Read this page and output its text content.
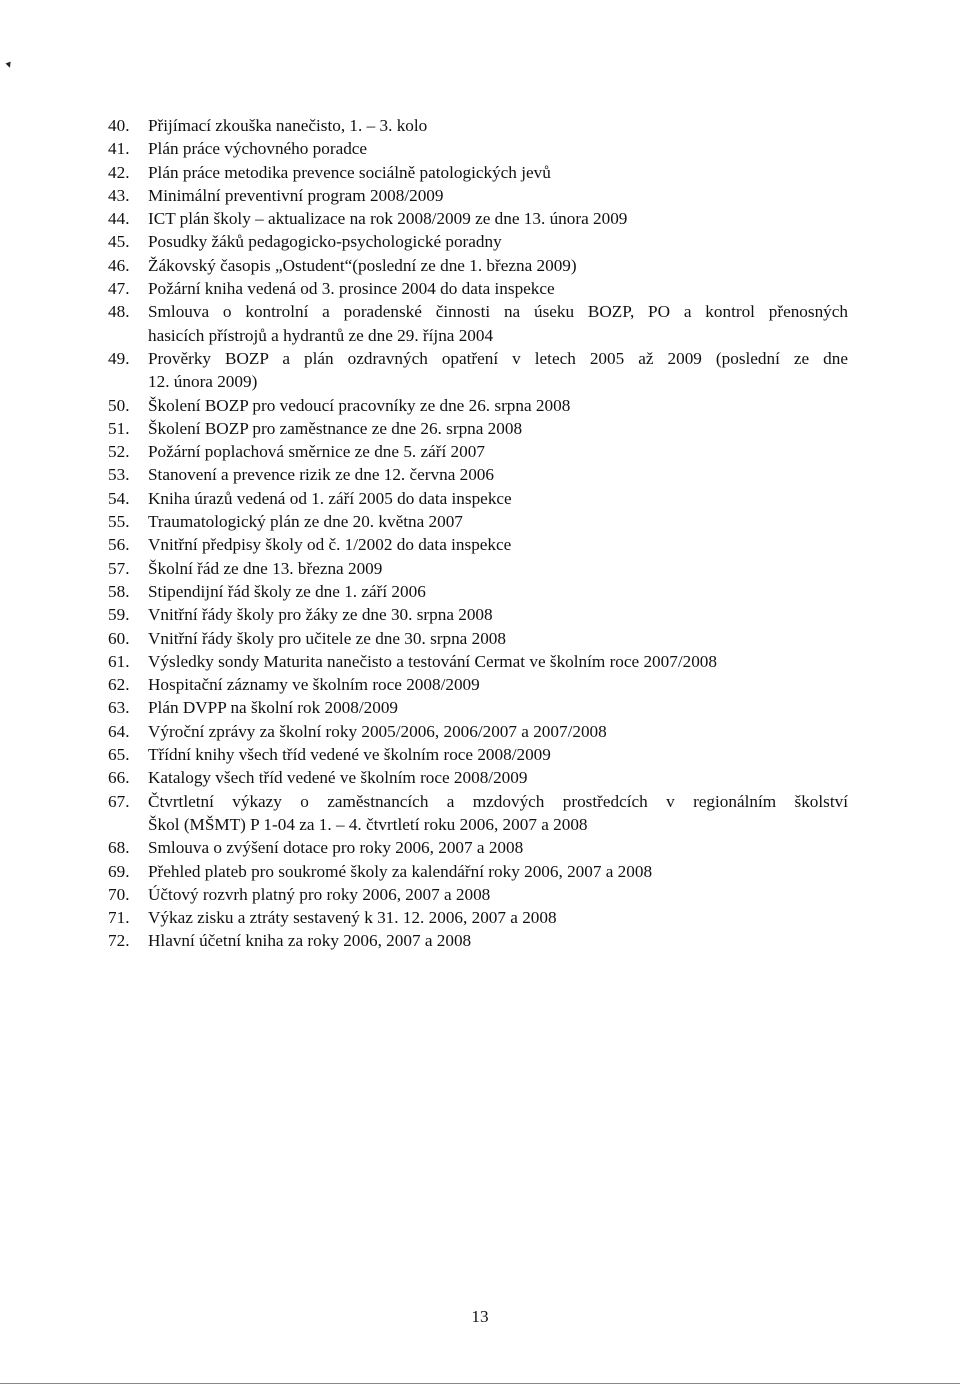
▾
40.	Přijímací zkouška nanečisto, 1. – 3. kolo
41.	Plán práce výchovného poradce
42.	Plán práce metodika prevence sociálně patologických jevů
43.	Minimální preventivní program 2008/2009
44.	ICT plán školy – aktualizace na rok 2008/2009 ze dne 13. února 2009
45.	Posudky žáků pedagogicko-psychologické poradny
46.	Žákovský časopis „Ostudent“(poslední ze dne 1. března 2009)
47.	Požární kniha vedená od 3. prosince 2004 do data inspekce
48.	Smlouva o kontrolní a poradenské činnosti na úseku BOZP, PO a kontrol přenosných
hasicích přístrojů a hydrantů ze dne 29. října 2004
49.	Prověrky BOZP a plán ozdravných opatření v letech 2005 až 2009 (poslední ze dne
12. února 2009)
50.	Školení BOZP pro vedoucí pracovníky ze dne 26. srpna 2008
51.	Školení BOZP pro zaměstnance ze dne 26. srpna 2008
52.	Požární poplachová směrnice ze dne 5. září 2007
53.	Stanovení a prevence rizik ze dne 12. června 2006
54.	Kniha úrazů vedená od 1. září 2005 do data inspekce
55.	Traumatologický plán ze dne 20. května 2007
56.	Vnitřní předpisy školy od č. 1/2002 do data inspekce
57.	Školní řád ze dne 13. března 2009
58.	Stipendijní řád školy ze dne 1. září 2006
59.	Vnitřní řády školy pro žáky ze dne 30. srpna 2008
60.	Vnitřní řády školy pro učitele ze dne 30. srpna 2008
61.	Výsledky sondy Maturita nanečisto a testování Cermat ve školním roce 2007/2008
62.	Hospitační záznamy ve školním roce 2008/2009
63.	Plán DVPP na školní rok 2008/2009
64.	Výroční zprávy za školní roky 2005/2006, 2006/2007 a 2007/2008
65.	Třídní knihy všech tříd vedené ve školním roce 2008/2009
66.	Katalogy všech tříd vedené ve školním roce 2008/2009
67.	Čtvrtletní výkazy o zaměstnancích a mzdových prostředcích v regionálním školství
Škol (MŠMT) P 1-04 za 1. – 4. čtvrtletí roku 2006, 2007 a 2008
68.	Smlouva o zvýšení dotace pro roky 2006, 2007 a 2008
69.	Přehled plateb pro soukromé školy za kalendářní roky 2006, 2007 a 2008
70.	Účtový rozvrh platný pro roky 2006, 2007 a 2008
71.	Výkaz zisku a ztráty sestavený k 31. 12. 2006, 2007 a 2008
72.	Hlavní účetní kniha za roky 2006, 2007 a 2008
13
